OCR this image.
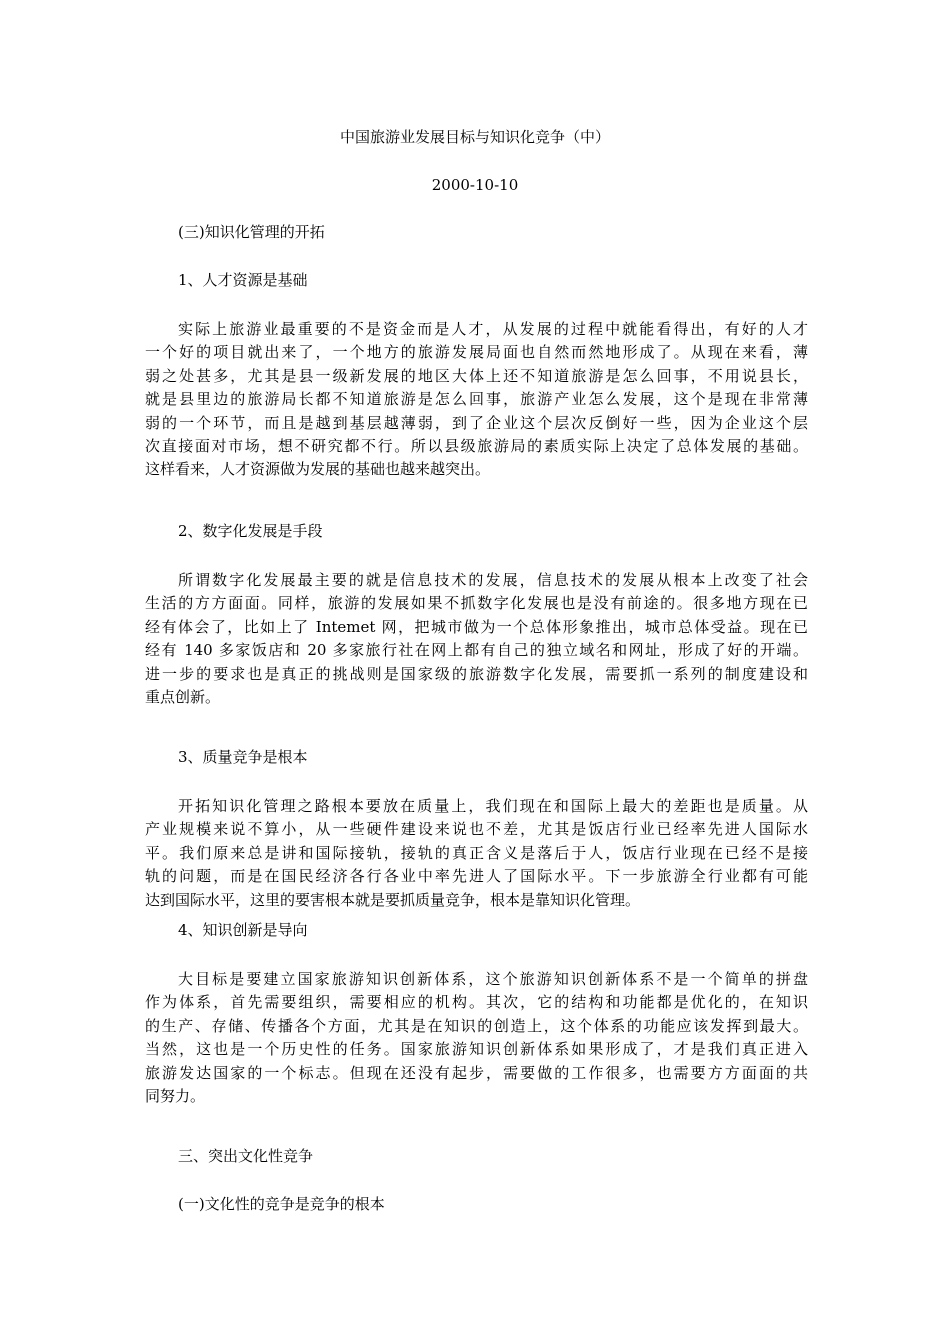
中国旅游业发展目标与知识化竞争（中）
2000-10-10
(三)知识化管理的开拓
1、人才资源是基础
实际上旅游业最重要的不是资金而是人才，从发展的过程中就能看得出，有好的人才
一个好的项目就出来了，一个地方的旅游发展局面也自然而然地形成了。从现在来看，薄
弱之处甚多，尤其是县一级新发展的地区大体上还不知道旅游是怎么回事，不用说县长，
就是县里边的旅游局长都不知道旅游是怎么回事，旅游产业怎么发展，这个是现在非常薄
弱的一个环节，而且是越到基层越薄弱，到了企业这个层次反倒好一些，因为企业这个层
次直接面对市场，想不研究都不行。所以县级旅游局的素质实际上决定了总体发展的基础。
这样看来，人才资源做为发展的基础也越来越突出。
2、数字化发展是手段
所谓数字化发展最主要的就是信息技术的发展，信息技术的发展从根本上改变了社会
生活的方方面面。同样，旅游的发展如果不抓数字化发展也是没有前途的。很多地方现在已
经有体会了，比如上了 Intemet 网，把城市做为一个总体形象推出，城市总体受益。现在已
经有 140 多家饭店和 20 多家旅行社在网上都有自己的独立域名和网址，形成了好的开端。
进一步的要求也是真正的挑战则是国家级的旅游数字化发展，需要抓一系列的制度建设和
重点创新。
3、质量竞争是根本
开拓知识化管理之路根本要放在质量上，我们现在和国际上最大的差距也是质量。从
产业规模来说不算小，从一些硬件建设来说也不差，尤其是饭店行业已经率先进人国际水
平。我们原来总是讲和国际接轨，接轨的真正含义是落后于人，饭店行业现在已经不是接
轨的问题，而是在国民经济各行各业中率先进人了国际水平。下一步旅游全行业都有可能
达到国际水平，这里的要害根本就是要抓质量竞争，根本是靠知识化管理。
4、知识创新是导向
大目标是要建立国家旅游知识创新体系，这个旅游知识创新体系不是一个简单的拼盘
作为体系，首先需要组织，需要相应的机构。其次，它的结构和功能都是优化的，在知识
的生产、存储、传播各个方面，尤其是在知识的创造上，这个体系的功能应该发挥到最大。
当然，这也是一个历史性的任务。国家旅游知识创新体系如果形成了，才是我们真正进入
旅游发达国家的一个标志。但现在还没有起步，需要做的工作很多，也需要方方面面的共
同努力。
三、突出文化性竞争
(一)文化性的竞争是竞争的根本
